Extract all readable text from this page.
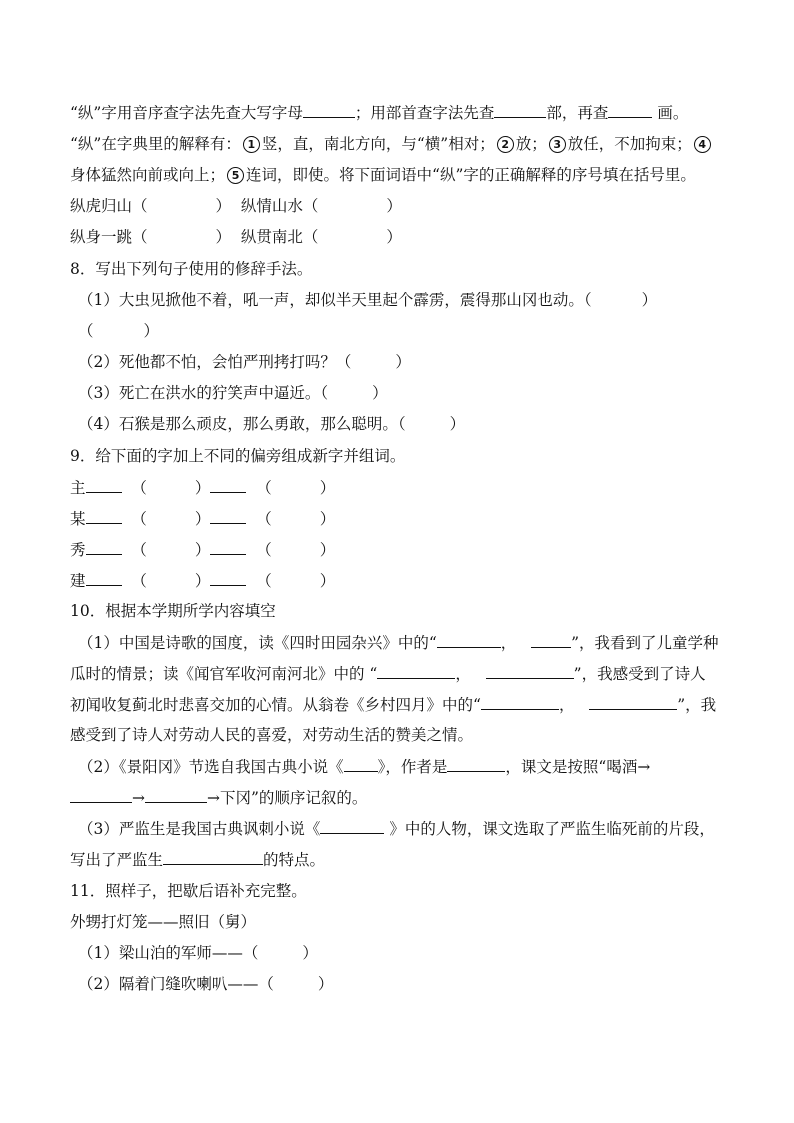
“纵”字用音序查字法先查大写字母	；用部首查字法先查	部，再查	画。
“纵”在字典里的解释有： 1 竖，直，南北方向，与“横”相对； 2 放； 3 放任，不加拘束； 4
身体猛然向前或向上； 5 连词，即使。将下面词语中“纵”字的正确解释的序号填在括号里。
纵虎归山（	） 纵情山水（	）
纵身一跳（	） 纵贯南北（	）
8．写出下列句子使用的修辞手法。
（1）大虫见掀他不着，吼一声，却似半天里起个霹雳，震得那山冈也动。（	）
（	）
（2）死他都不怕，会怕严刑拷打吗？（	）
（3）死亡在洪水的狞笑声中逼近。（	）
（4）石猴是那么顽皮，那么勇敢，那么聪明。（	）
9．给下面的字加上不同的偏旁组成新字并组词。
主	（	）	（	）
某	（	）	（	）
秀	（	）	（	）
建	（	）	（	）
10．根据本学期所学内容填空
（1）中国是诗歌的国度，读《四时田园杂兴》中的“	，	”，我看到了儿童学种
瓜时的情景；读《闻官军收河南河北》中的 “	，	”，我感受到了诗人
初闻收复蓟北时悲喜交加的心情。从翁卷《乡村四月》中的“	，	”，我
感受到了诗人对劳动人民的喜爱，对劳动生活的赞美之情。
（2）《景阳冈》节选自我国古典小说《 》，作者是	，课文是按照“喝酒→
→	→下冈”的顺序记叙的。
（3）严监生是我国古典讽刺小说《	》中的人物，课文选取了严监生临死前的片段，
写出了严监生	的特点。
11．照样子，把歇后语补充完整。
外甥打灯笼——照旧（舅）
（1）梁山泊的军师——（	）
（2）隔着门缝吹喇叭——（	）
